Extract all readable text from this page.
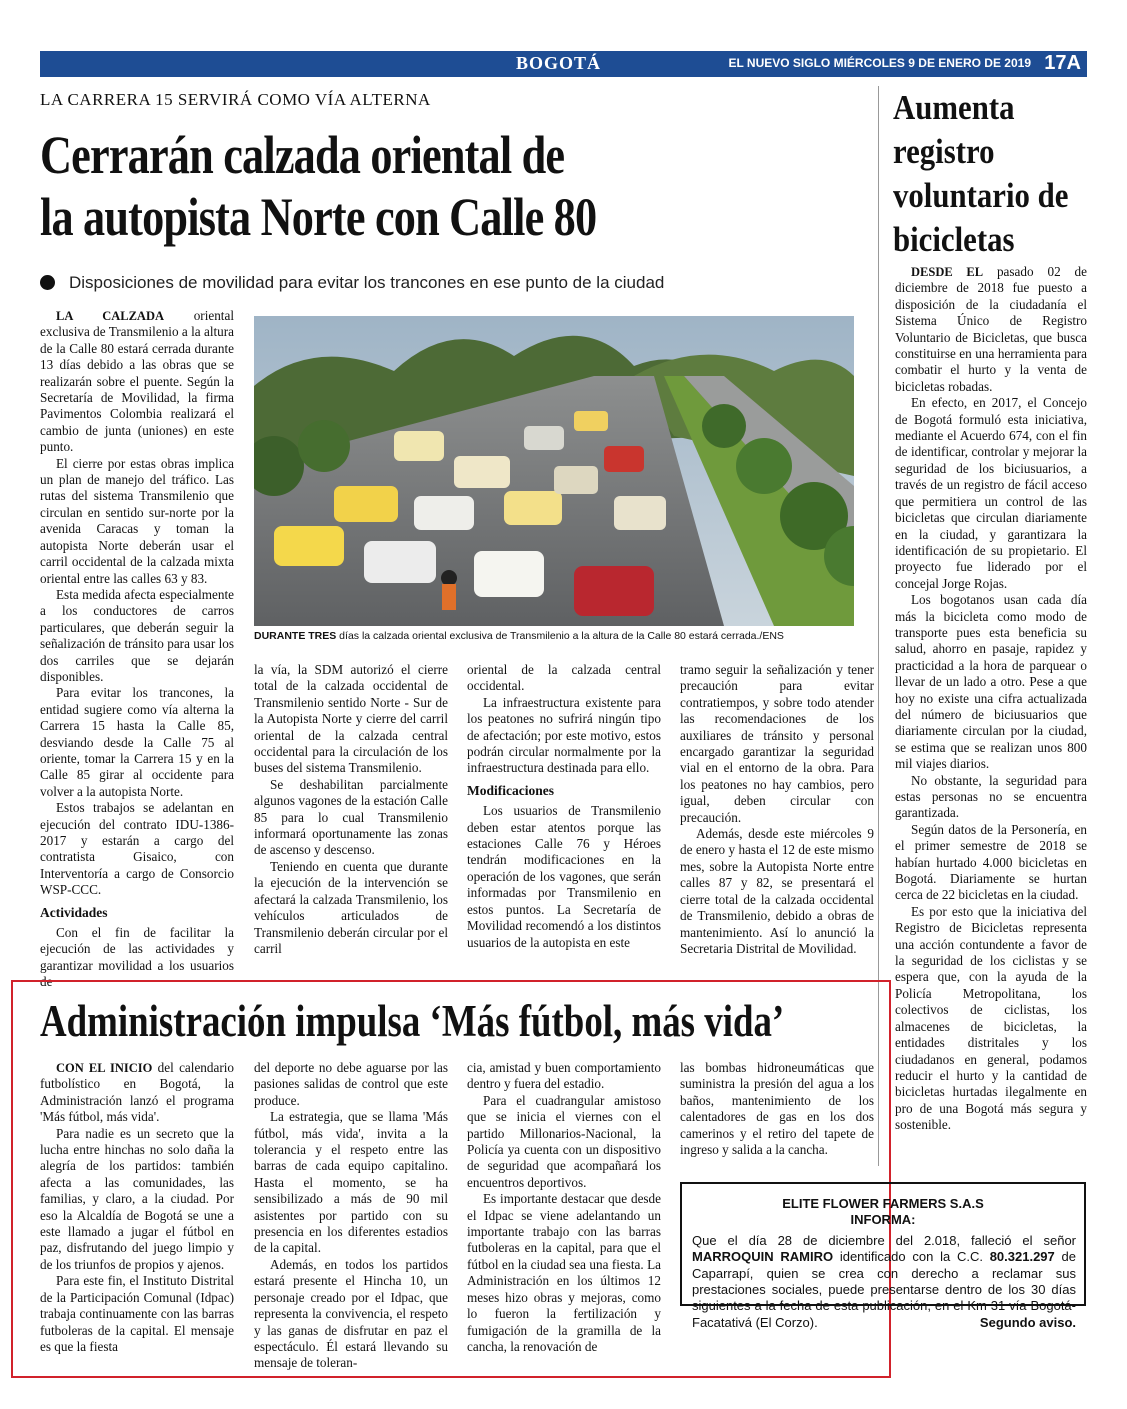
BOGOTÁ	EL NUEVO SIGLO MIÉRCOLES 9 DE ENERO DE 2019 17A
LA CARRERA 15 SERVIRÁ COMO VÍA ALTERNA
Cerrarán calzada oriental de
la autopista Norte con Calle 80
Disposiciones de movilidad para evitar los trancones en ese punto de la ciudad

LA CALZADA oriental exclusiva de Transmilenio a la altura de la Calle 80 estará cerrada durante 13 días debido a las obras que se realizarán sobre el puente. Según la Secretaría de Movilidad, la firma Pavimentos Colombia realizará el cambio de junta (uniones) en este punto.

El cierre por estas obras implica un plan de manejo del tráfico. Las rutas del sistema Transmilenio que circulan en sentido sur-norte por la avenida Caracas y toman la autopista Norte deberán usar el carril occidental de la calzada mixta oriental entre las calles 63 y 83.

Esta medida afecta especialmente a los conductores de carros particulares, que deberán seguir la señalización de tránsito para usar los dos carriles que se dejarán disponibles.

Para evitar los trancones, la entidad sugiere como vía alterna la Carrera 15 hasta la Calle 85, desviando desde la Calle 75 al oriente, tomar la Carrera 15 y en la Calle 85 girar al occidente para volver a la autopista Norte.

Estos trabajos se adelantan en ejecución del contrato IDU-1386-2017 y estarán a cargo del contratista Gisaico, con Interventoría a cargo de Consorcio WSP-CCC.

Actividades

Con el fin de facilitar la ejecución de las actividades y garantizar movilidad a los usuarios de

DURANTE TRES días la calzada oriental exclusiva de Transmilenio a la altura de la Calle 80 estará cerrada./ENS

la vía, la SDM autorizó el cierre total de la calzada occidental de Transmilenio sentido Norte - Sur de la Autopista Norte y cierre del carril oriental de la calzada central occidental para la circulación de los buses del sistema Transmilenio.

Se deshabilitan parcialmente algunos vagones de la estación Calle 85 para lo cual Transmilenio informará oportunamente las zonas de ascenso y descenso.

Teniendo en cuenta que durante la ejecución de la intervención se afectará la calzada Transmilenio, los vehículos articulados de Transmilenio deberán circular por el carril

oriental de la calzada central occidental.

La infraestructura existente para los peatones no sufrirá ningún tipo de afectación; por este motivo, estos podrán circular normalmente por la infraestructura destinada para ello.

Modificaciones

Los usuarios de Transmilenio deben estar atentos porque las estaciones Calle 76 y Héroes tendrán modificaciones en la operación de los vagones, que serán informadas por Transmilenio en estos puntos. La Secretaría de Movilidad recomendó a los distintos usuarios de la autopista en este

tramo seguir la señalización y tener precaución para evitar contratiempos, y sobre todo atender las recomendaciones de los auxiliares de tránsito y personal encargado garantizar la seguridad vial en el entorno de la obra. Para los peatones no hay cambios, pero igual, deben circular con precaución.

Además, desde este miércoles 9 de enero y hasta el 12 de este mismo mes, sobre la Autopista Norte entre calles 87 y 82, se presentará el cierre total de la calzada occidental de Transmilenio, debido a obras de mantenimiento. Así lo anunció la Secretaria Distrital de Movilidad.

Aumenta registro voluntario de bicicletas

DESDE EL pasado 02 de diciembre de 2018 fue puesto a disposición de la ciudadanía el Sistema Único de Registro Voluntario de Bicicletas, que busca constituirse en una herramienta para combatir el hurto y la venta de bicicletas robadas.

En efecto, en 2017, el Concejo de Bogotá formuló esta iniciativa, mediante el Acuerdo 674, con el fin de identificar, controlar y mejorar la seguridad de los biciusuarios, a través de un registro de fácil acceso que permitiera un control de las bicicletas que circulan diariamente en la ciudad, y garantizara la identificación de su propietario. El proyecto fue liderado por el concejal Jorge Rojas.

Los bogotanos usan cada día más la bicicleta como modo de transporte pues esta beneficia su salud, ahorro en pasaje, rapidez y practicidad a la hora de parquear o llevar de un lado a otro. Pese a que hoy no existe una cifra actualizada del número de biciusuarios que diariamente circulan por la ciudad, se estima que se realizan unos 800 mil viajes diarios.

No obstante, la seguridad para estas personas no se encuentra garantizada.

Según datos de la Personería, en el primer semestre de 2018 se habían hurtado 4.000 bicicletas en Bogotá. Diariamente se hurtan cerca de 22 bicicletas en la ciudad.

Es por esto que la iniciativa del Registro de Bicicletas representa una acción contundente a favor de la seguridad de los ciclistas y se espera que, con la ayuda de la Policía Metropolitana, los colectivos de ciclistas, los almacenes de bicicletas, la entidades distritales y los ciudadanos en general, podamos reducir el hurto y la cantidad de bicicletas hurtadas ilegalmente en pro de una Bogotá más segura y sostenible.

Administración impulsa ‘Más fútbol, más vida’

CON EL INICIO del calendario futbolístico en Bogotá, la Administración lanzó el programa 'Más fútbol, más vida'.

Para nadie es un secreto que la lucha entre hinchas no solo daña la alegría de los partidos: también afecta a las comunidades, las familias, y claro, a la ciudad. Por eso la Alcaldía de Bogotá se une a este llamado a jugar el fútbol en paz, disfrutando del juego limpio y de los triunfos de propios y ajenos.

Para este fin, el Instituto Distrital de la Participación Comunal (Idpac) trabaja continuamente con las barras futboleras de la capital. El mensaje es que la fiesta

del deporte no debe aguarse por las pasiones salidas de control que este produce.

La estrategia, que se llama 'Más fútbol, más vida', invita a la tolerancia y el respeto entre las barras de cada equipo capitalino. Hasta el momento, se ha sensibilizado a más de 90 mil asistentes por partido con su presencia en los diferentes estadios de la capital.

Además, en todos los partidos estará presente el Hincha 10, un personaje creado por el Idpac, que representa la convivencia, el respeto y las ganas de disfrutar en paz el espectáculo. Él estará llevando su mensaje de toleran-

cia, amistad y buen comportamiento dentro y fuera del estadio.

Para el cuadrangular amistoso que se inicia el viernes con el partido Millonarios-Nacional, la Policía ya cuenta con un dispositivo de seguridad que acompañará los encuentros deportivos.

Es importante destacar que desde el Idpac se viene adelantando un importante trabajo con las barras futboleras en la capital, para que el fútbol en la ciudad sea una fiesta. La Administración en los últimos 12 meses hizo obras y mejoras, como lo fueron la fertilización y fumigación de la gramilla de la cancha, la renovación de

las bombas hidroneumáticas que suministra la presión del agua a los baños, mantenimiento de los calentadores de gas en los dos camerinos y el retiro del tapete de ingreso y salida a la cancha.

ELITE FLOWER FARMERS S.A.S
INFORMA:
Que el día 28 de diciembre del 2.018, falleció el señor MARROQUIN RAMIRO identificado con la C.C. 80.321.297 de Caparrapí, quien se crea con derecho a reclamar sus prestaciones sociales, puede presentarse dentro de los 30 días siguientes a la fecha de esta publicación, en el Km 31 vía Bogotá-Facatativá (El Corzo).	Segundo aviso.
